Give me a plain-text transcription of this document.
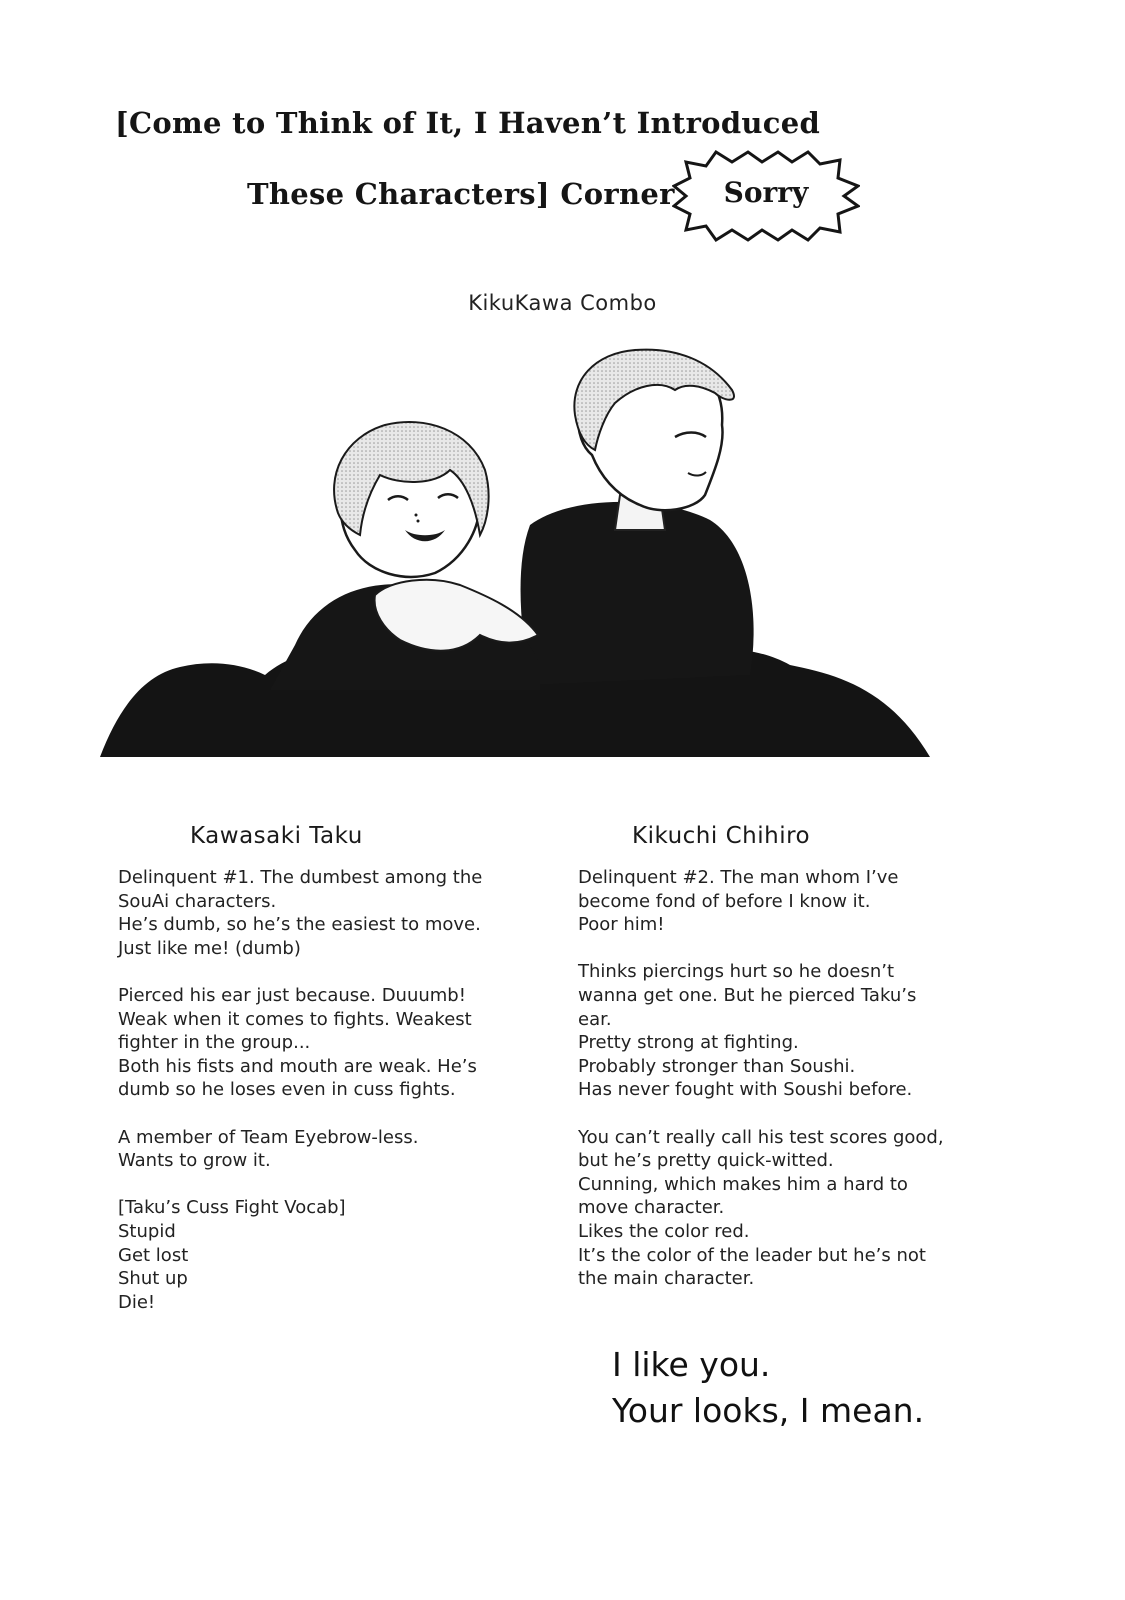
[Come to Think of It, I Haven’t Introduced
These Characters] Corner	Sorry
KikuKawa Combo
Kawasaki Taku
Delinquent #1. The dumbest among the
SouAi characters.
He’s dumb, so he’s the easiest to move.
Just like me! (dumb)
Pierced his ear just because. Duuumb!
Weak when it comes to fights. Weakest
fighter in the group...
Both his fists and mouth are weak. He’s
dumb so he loses even in cuss fights.
A member of Team Eyebrow-less.
Wants to grow it.
[Taku’s Cuss Fight Vocab]
Stupid
Get lost
Shut up
Die!
Kikuchi Chihiro
Delinquent #2. The man whom I’ve
become fond of before I know it.
Poor him!
Thinks piercings hurt so he doesn’t
wanna get one. But he pierced Taku’s
ear.
Pretty strong at fighting.
Probably stronger than Soushi.
Has never fought with Soushi before.
You can’t really call his test scores good,
but he’s pretty quick-witted.
Cunning, which makes him a hard to
move character.
Likes the color red.
It’s the color of the leader but he’s not
the main character.
I like you.
Your looks, I mean.
